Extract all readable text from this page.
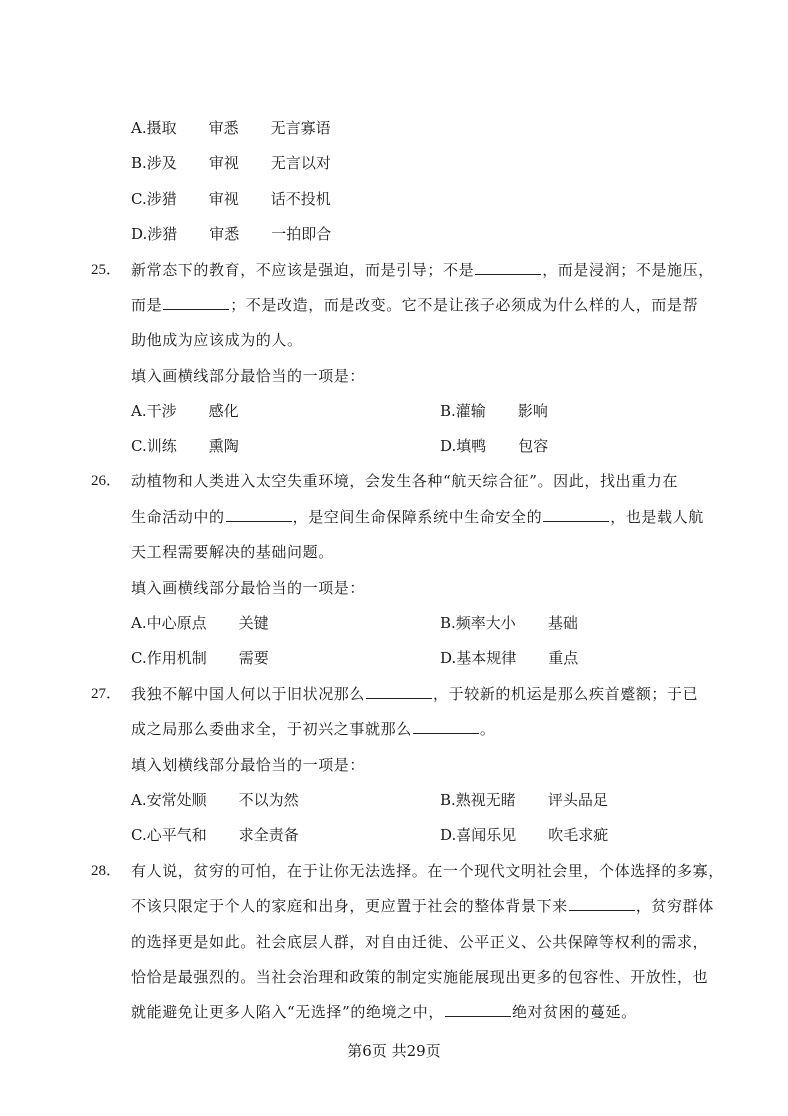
A.摄取 审悉 无言寡语
B.涉及 审视 无言以对
C.涉猎 审视 话不投机
D.涉猎 审悉 一拍即合
25． 新常态下的教育，不应该是强迫，而是引导；不是	，而是浸润；不是施压，
而是	；不是改造，而是改变。它不是让孩子必须成为什么样的人，而是帮
助他成为应该成为的人。
填入画横线部分最恰当的一项是：
A.干涉 感化	B.灌输 影响
C.训练 熏陶	D.填鸭 包容
26． 动植物和人类进入太空失重环境，会发生各种“航天综合征”。因此，找出重力在
生命活动中的	，是空间生命保障系统中生命安全的	，也是载人航
天工程需要解决的基础问题。
填入画横线部分最恰当的一项是：
A.中心原点 关键	B.频率大小 基础
C.作用机制 需要	D.基本规律 重点
27． 我独不解中国人何以于旧状况那么	，于较新的机运是那么疾首蹙额；于已
成之局那么委曲求全，于初兴之事就那么	。
填入划横线部分最恰当的一项是：
A.安常处顺 不以为然	B.熟视无睹 评头品足
C.心平气和 求全责备	D.喜闻乐见 吹毛求疵
28． 有人说，贫穷的可怕，在于让你无法选择。在一个现代文明社会里，个体选择的多寡，
不该只限定于个人的家庭和出身，更应置于社会的整体背景下来	，贫穷群体
的选择更是如此。社会底层人群，对自由迁徙、公平正义、公共保障等权利的需求，
恰恰是最强烈的。当社会治理和政策的制定实施能展现出更多的包容性、开放性，也
就能避免让更多人陷入“无选择”的绝境之中，	绝对贫困的蔓延。
第6页 共29页
